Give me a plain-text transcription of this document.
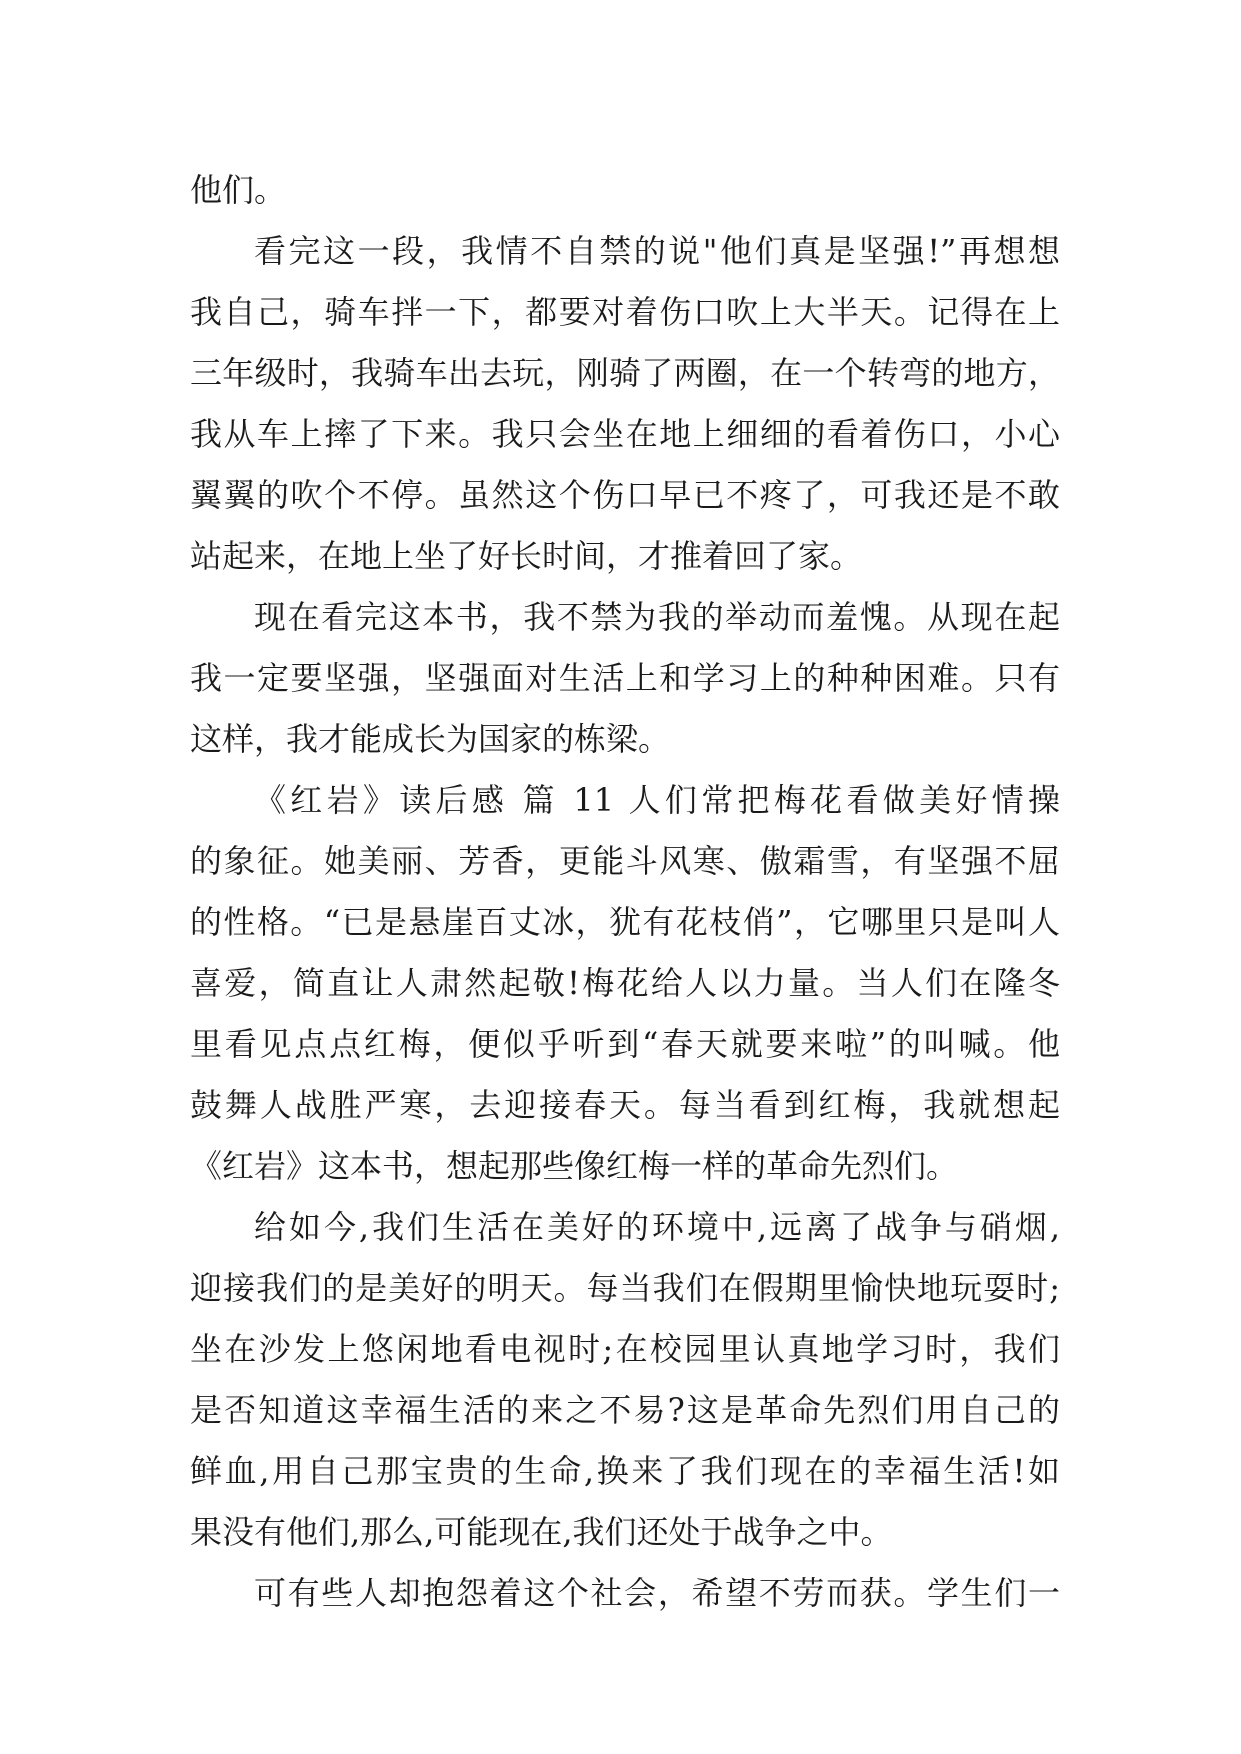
他们。
看完这一段，我情不自禁的说"他们真是坚强!”再想想
我自己，骑车拌一下，都要对着伤口吹上大半天。记得在上
三年级时，我骑车出去玩，刚骑了两圈，在一个转弯的地方，
我从车上摔了下来。我只会坐在地上细细的看着伤口，小心
翼翼的吹个不停。虽然这个伤口早已不疼了，可我还是不敢
站起来，在地上坐了好长时间，才推着回了家。
现在看完这本书，我不禁为我的举动而羞愧。从现在起
我一定要坚强，坚强面对生活上和学习上的种种困难。只有
这样，我才能成长为国家的栋梁。
《红岩》读后感 篇 11 人们常把梅花看做美好情操
的象征。她美丽、芳香，更能斗风寒、傲霜雪，有坚强不屈
的性格。“已是悬崖百丈冰，犹有花枝俏”，它哪里只是叫人
喜爱，简直让人肃然起敬!梅花给人以力量。当人们在隆冬
里看见点点红梅，便似乎听到“春天就要来啦”的叫喊。他
鼓舞人战胜严寒，去迎接春天。每当看到红梅，我就想起
《红岩》这本书，想起那些像红梅一样的革命先烈们。
给如今,我们生活在美好的环境中,远离了战争与硝烟,
迎接我们的是美好的明天。每当我们在假期里愉快地玩耍时;
坐在沙发上悠闲地看电视时;在校园里认真地学习时，我们
是否知道这幸福生活的来之不易?这是革命先烈们用自己的
鲜血,用自己那宝贵的生命,换来了我们现在的幸福生活!如
果没有他们,那么,可能现在,我们还处于战争之中。
可有些人却抱怨着这个社会，希望不劳而获。学生们一
